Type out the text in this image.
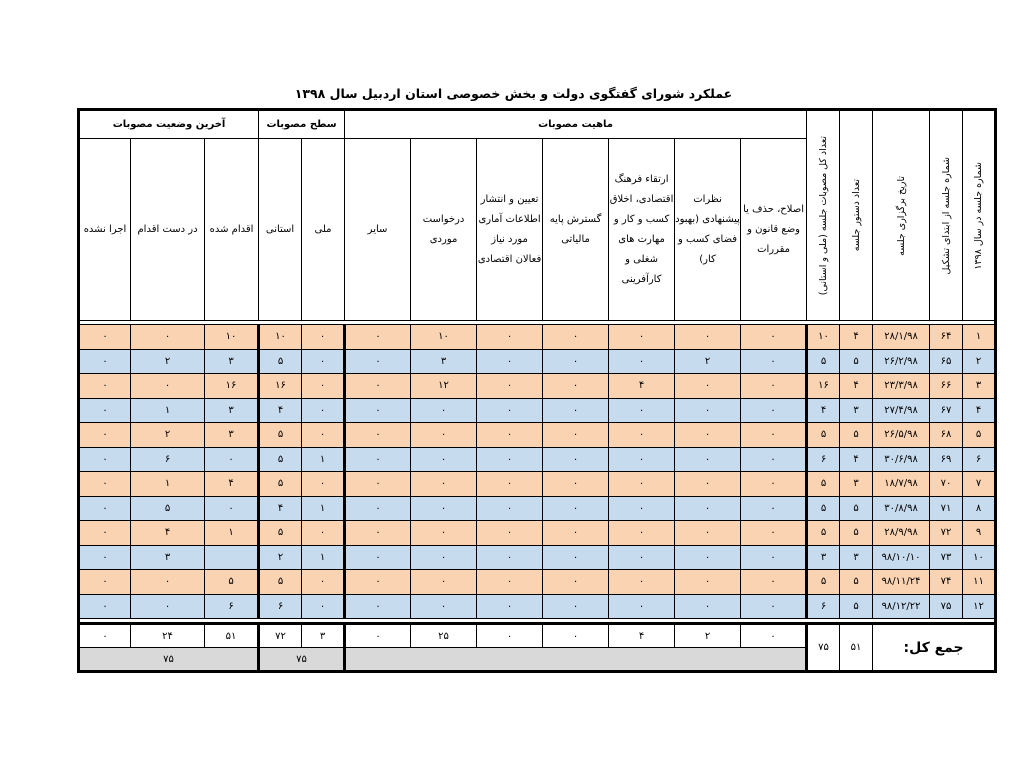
عملکرد شورای گفتگوی دولت و بخش خصوصی استان اردبیل سال ۱۳۹۸
شماره جلسه در سال ۱۳۹۸	شماره جلسه از ابتدای تشکیل	تاریخ برگزاری جلسه	تعداد دستور جلسه	تعداد کل مصوبات جلسه (ملی و استانی)	ماهیت مصوبات							سطح مصوبات		آخرین وضعیت مصوبات		
					اصلاح، حذف یا وضع قانون و مقررات	نظرات پیشنهادی (بهبود فضای کسب و کار)	ارتقاء فرهنگ اقتصادی، اخلاق کسب و کار و مهارت های شغلی و کارآفرینی	گسترش پایه مالیاتی	تعیین و انتشار اطلاعات آماری مورد نیاز فعالان اقتصادی	درخواست موردی	سایر	ملی	استانی	اقدام شده	در دست اقدام	اجرا نشده

۱	۶۴	۲۸/۱/۹۸	۴	۱۰	۰	۰	۰	۰	۰	۱۰	۰	۰	۱۰	۱۰	۰	۰
۲	۶۵	۲۶/۲/۹۸	۵	۵	۰	۲	۰	۰	۰	۳	۰	۰	۵	۳	۲	۰
۳	۶۶	۲۳/۳/۹۸	۴	۱۶	۰	۰	۴	۰	۰	۱۲	۰	۰	۱۶	۱۶	۰	۰
۴	۶۷	۲۷/۴/۹۸	۳	۴	۰	۰	۰	۰	۰	۰	۰	۰	۴	۳	۱	۰
۵	۶۸	۲۶/۵/۹۸	۵	۵	۰	۰	۰	۰	۰	۰	۰	۰	۵	۳	۲	۰
۶	۶۹	۳۰/۶/۹۸	۴	۶	۰	۰	۰	۰	۰	۰	۰	۱	۵	۰	۶	۰
۷	۷۰	۱۸/۷/۹۸	۳	۵	۰	۰	۰	۰	۰	۰	۰	۰	۵	۴	۱	۰
۸	۷۱	۳۰/۸/۹۸	۵	۵	۰	۰	۰	۰	۰	۰	۰	۱	۴	۰	۵	۰
۹	۷۲	۲۸/۹/۹۸	۵	۵	۰	۰	۰	۰	۰	۰	۰	۰	۵	۱	۴	۰
۱۰	۷۳	۹۸/۱۰/۱۰	۳	۳	۰	۰	۰	۰	۰	۰	۰	۱	۲		۳	۰
۱۱	۷۴	۹۸/۱۱/۲۴	۵	۵	۰	۰	۰	۰	۰	۰	۰	۰	۵	۵	۰	۰
۱۲	۷۵	۹۸/۱۲/۲۲	۵	۶	۰	۰	۰	۰	۰	۰	۰	۰	۶	۶	۰	۰

جمع کل:			۵۱	۷۵	۰	۲	۴	۰	۰	۲۵	۰	۳	۷۲	۵۱	۲۴	۰
												۷۵		۷۵		
